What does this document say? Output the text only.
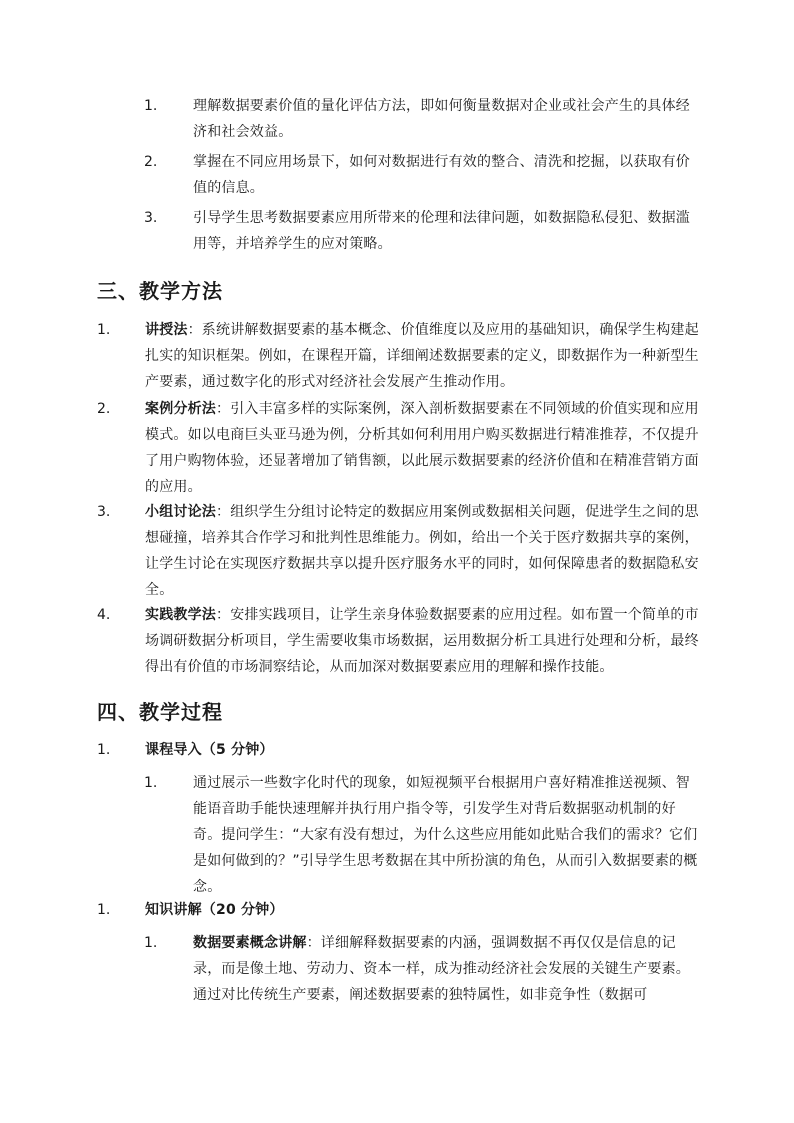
1.	理解数据要素价值的量化评估方法，即如何衡量数据对企业或社会产生的具体经济和社会效益。
2.	掌握在不同应用场景下，如何对数据进行有效的整合、清洗和挖掘，以获取有价值的信息。
3.	引导学生思考数据要素应用所带来的伦理和法律问题，如数据隐私侵犯、数据滥用等，并培养学生的应对策略。
三、教学方法
1. 讲授法：系统讲解数据要素的基本概念、价值维度以及应用的基础知识，确保学生构建起扎实的知识框架。例如，在课程开篇，详细阐述数据要素的定义，即数据作为一种新型生产要素，通过数字化的形式对经济社会发展产生推动作用。
2. 案例分析法：引入丰富多样的实际案例，深入剖析数据要素在不同领域的价值实现和应用模式。如以电商巨头亚马逊为例，分析其如何利用用户购买数据进行精准推荐，不仅提升了用户购物体验，还显著增加了销售额，以此展示数据要素的经济价值和在精准营销方面的应用。
3. 小组讨论法：组织学生分组讨论特定的数据应用案例或数据相关问题，促进学生之间的思想碰撞，培养其合作学习和批判性思维能力。例如，给出一个关于医疗数据共享的案例，让学生讨论在实现医疗数据共享以提升医疗服务水平的同时，如何保障患者的数据隐私安全。
4. 实践教学法：安排实践项目，让学生亲身体验数据要素的应用过程。如布置一个简单的市场调研数据分析项目，学生需要收集市场数据，运用数据分析工具进行处理和分析，最终得出有价值的市场洞察结论，从而加深对数据要素应用的理解和操作技能。
四、教学过程
1. 课程导入（5 分钟）
1.	通过展示一些数字化时代的现象，如短视频平台根据用户喜好精准推送视频、智能语音助手能快速理解并执行用户指令等，引发学生对背后数据驱动机制的好奇。提问学生：“大家有没有想过，为什么这些应用能如此贴合我们的需求？它们是如何做到的？”引导学生思考数据在其中所扮演的角色，从而引入数据要素的概念。
1. 知识讲解（20 分钟）
1.	数据要素概念讲解：详细解释数据要素的内涵，强调数据不再仅仅是信息的记录，而是像土地、劳动力、资本一样，成为推动经济社会发展的关键生产要素。通过对比传统生产要素，阐述数据要素的独特属性，如非竞争性（数据可
